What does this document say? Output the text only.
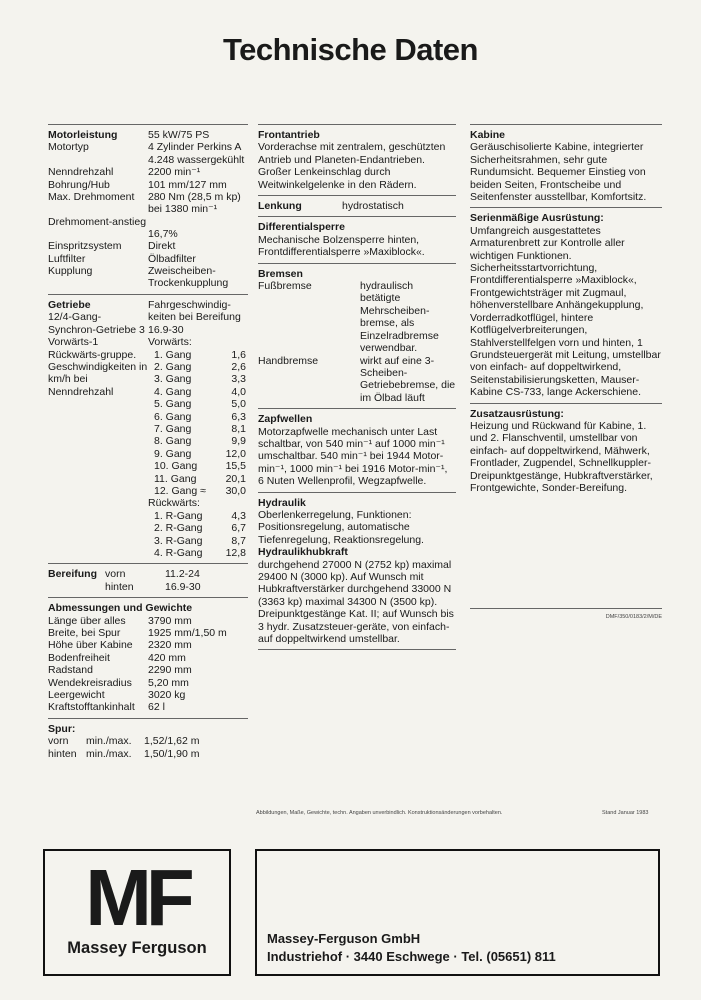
Technische Daten
Motorleistung	55 kW/75 PS
Motortyp	4 Zylinder Perkins A 4.248 wassergekühlt
Nenndrehzahl	2200 min⁻¹
Bohrung/Hub	101 mm/127 mm
Max. Drehmoment	280 Nm (28,5 m kp) bei 1380 min⁻¹
Drehmoment-anstieg
16,7%
Einspritzsystem	Direkt
Luftfilter	Ölbadfilter
Kupplung	Zweischeiben-Trockenkupplung
Getriebe
12/4-Gang-Synchron-Getriebe 3 Vorwärts-1 Rückwärts-gruppe. Geschwindigkeiten in km/h bei Nenndrehzahl
Fahrgeschwindig-keiten bei Bereifung 16.9-30
Vorwärts:
1. Gang	1,6
2. Gang	2,6
3. Gang	3,3
4. Gang	4,0
5. Gang	5,0
6. Gang	6,3
7. Gang	8,1
8. Gang	9,9
9. Gang	12,0
10. Gang	15,5
11. Gang	20,1
12. Gang ≈	30,0
Rückwärts:
1. R-Gang	4,3
2. R-Gang	6,7
3. R-Gang	8,7
4. R-Gang	12,8
Bereifung vorn	11.2-24
hinten	16.9-30
Abmessungen und Gewichte
Länge über alles	3790 mm
Breite, bei Spur	1925 mm/1,50 m
Höhe über Kabine	2320 mm
Bodenfreiheit	420 mm
Radstand	2290 mm
Wendekreisradius	5,20 mm
Leergewicht	3020 kg
Kraftstofftankinhalt	62 l
Spur:
vorn	min./max.	1,52/1,62 m
hinten min./max.	1,50/1,90 m
Frontantrieb
Vorderachse mit zentralem, geschützten Antrieb und Planeten-Endantrieben. Großer Lenkeinschlag durch Weitwinkelgelenke in den Rädern.
Lenkung	hydrostatisch
Differentialsperre
Mechanische Bolzensperre hinten, Frontdifferentialsperre »Maxiblock«.
Bremsen
Fußbremse	hydraulisch betätigte Mehrscheiben-bremse, als Einzelradbremse verwendbar.
Handbremse	wirkt auf eine 3-Scheiben-Getriebebremse, die im Ölbad läuft
Zapfwellen
Motorzapfwelle mechanisch unter Last schaltbar, von 540 min⁻¹ auf 1000 min⁻¹ umschaltbar. 540 min⁻¹ bei 1944 Motor-min⁻¹, 1000 min⁻¹ bei 1916 Motor-min⁻¹, 6 Nuten Wellenprofil, Wegzapfwelle.
Hydraulik
Oberlenkerregelung, Funktionen: Positionsregelung, automatische Tiefenregelung, Reaktionsregelung.
Hydraulikhubkraft
durchgehend 27000 N (2752 kp) maximal 29400 N (3000 kp). Auf Wunsch mit Hubkraftverstärker durchgehend 33000 N (3363 kp) maximal 34300 N (3500 kp). Dreipunktgestänge Kat. II; auf Wunsch bis 3 hydr. Zusatzsteuer-geräte, von einfach- auf doppeltwirkend umstellbar.
Kabine
Geräuschisolierte Kabine, integrierter Sicherheitsrahmen, sehr gute Rundumsicht. Bequemer Einstieg von beiden Seiten, Frontscheibe und Seitenfenster ausstellbar, Komfortsitz.
Serienmäßige Ausrüstung:
Umfangreich ausgestattetes Armaturenbrett zur Kontrolle aller wichtigen Funktionen. Sicherheitsstartvorrichtung, Frontdifferentialsperre »Maxiblock«, Frontgewichtsträger mit Zugmaul, höhenverstellbare Anhängekupplung, Vorderradkotflügel, hintere Kotflügelverbreiterungen, Stahlverstellfelgen vorn und hinten, 1 Grundsteuergerät mit Leitung, umstellbar von einfach- auf doppeltwirkend, Seitenstabilisierungsketten, Mauser-Kabine CS-733, lange Ackerschiene.
Zusatzausrüstung:
Heizung und Rückwand für Kabine, 1. und 2. Flanschventil, umstellbar von einfach- auf doppeltwirkend, Mähwerk, Frontlader, Zugpendel, Schnellkuppler-Dreipunktgestänge, Hubkraftverstärker, Frontgewichte, Sonder-Bereifung.
DMF/350/0183/2/M/DE
Abbildungen, Maße, Gewichte, techn. Angaben unverbindlich. Konstruktionsänderungen vorbehalten.	Stand Januar 1983
MF
Massey Ferguson
Massey-Ferguson GmbH
Industriehof · 3440 Eschwege · Tel. (05651) 811
